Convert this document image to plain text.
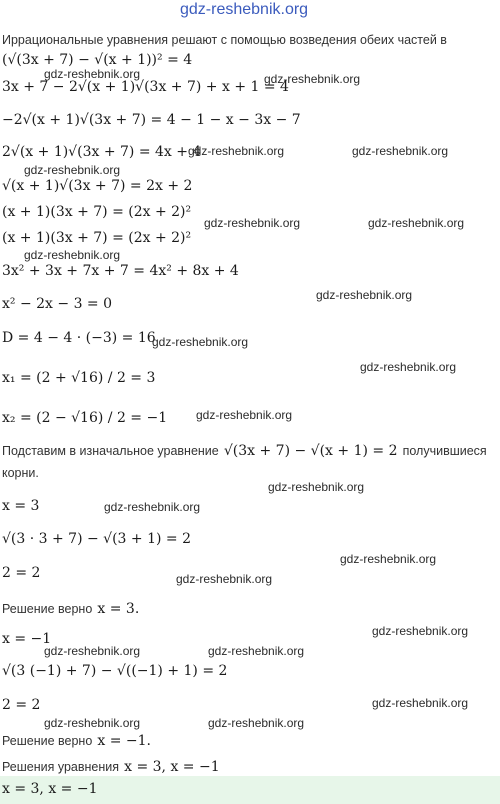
gdz-reshebnik.org
Иррациональные уравнения решают с помощью возведения обеих частей в
(√(3x + 7) − √(x + 1))² = 4
3x + 7 − 2√(x + 1)√(3x + 7) + x + 1 = 4
−2√(x + 1)√(3x + 7) = 4 − 1 − x − 3x − 7
2√(x + 1)√(3x + 7) = 4x + 4
√(x + 1)√(3x + 7) = 2x + 2
(x + 1)(3x + 7) = (2x + 2)²
(x + 1)(3x + 7) = (2x + 2)²
3x² + 3x + 7x + 7 = 4x² + 8x + 4
x² − 2x − 3 = 0
D = 4 − 4 · (−3) = 16
x₁ = (2 + √16) / 2 = 3
x₂ = (2 − √16) / 2 = −1
Подставим в изначальное уравнение √(3x + 7) − √(x + 1) = 2 получившиеся
корни.
x = 3
√(3 · 3 + 7) − √(3 + 1) = 2
2 = 2
Решение верно x = 3.
x = −1
√(3 (−1) + 7) − √((−1) + 1) = 2
2 = 2
Решение верно x = −1.
Решения уравнения x = 3, x = −1
x = 3, x = −1
gdz-reshebnik.org	gdz-reshebnik.org
gdz-reshebnik.org	gdz-reshebnik.org
gdz-reshebnik.org
gdz-reshebnik.org	gdz-reshebnik.org
gdz-reshebnik.org
gdz-reshebnik.org
gdz-reshebnik.org
gdz-reshebnik.org
gdz-reshebnik.org
gdz-reshebnik.org
gdz-reshebnik.org
gdz-reshebnik.org
gdz-reshebnik.org
gdz-reshebnik.org
gdz-reshebnik.org	gdz-reshebnik.org
gdz-reshebnik.org
gdz-reshebnik.org	gdz-reshebnik.org
